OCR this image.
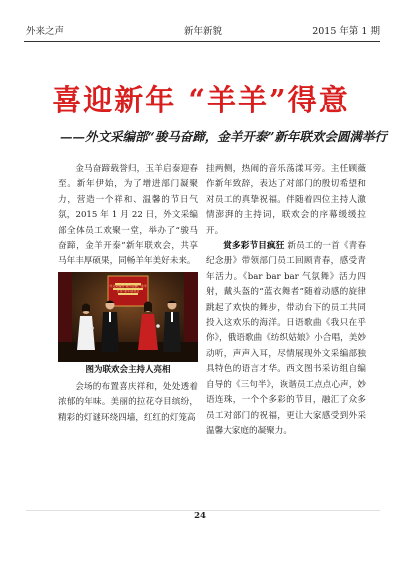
外来之声	新年新貌	2015 年第 1 期
喜迎新年 “羊羊”得意
——外文采编部“骏马奋蹄，金羊开泰”新年联欢会圆满举行

金马奋蹄载誉归，玉羊启泰迎春至。新年伊始，为了增进部门凝聚力，营造一个祥和、温馨的节日气氛，2015 年 1 月 22 日，外文采编部全体员工欢聚一堂，举办了“骏马奋蹄，金羊开泰”新年联欢会，共享马年丰厚硕果，同畅羊年美好未来。

外文采编部“骏马奋蹄，金羊开泰”新年联欢会
图为联欢会主持人亮相

会场的布置喜庆祥和，处处透着浓郁的年味。美丽的拉花夺目缤纷，精彩的灯谜环绕四墙，红红的灯笼高

挂两侧，热闹的音乐荡漾耳旁。主任顾薇作新年致辞，表达了对部门的殷切希望和对员工的真挚祝福。伴随着四位主持人激情澎湃的主持词，联欢会的序幕缓缓拉开。

赏多彩节目疯狂 新员工的一首《青春纪念册》带领部门员工回顾青春，感受青年活力。《bar bar bar 气氛舞》活力四射，戴头盔的“蓝衣舞者”随着动感的旋律跳起了欢快的舞步，带动台下的员工共同投入这欢乐的海洋。日语歌曲《我只在乎你》，俄语歌曲《纺织姑娘》小合唱，美妙动听，声声入耳，尽情展现外文采编部独具特色的语言才华。西文图书采访组自编自导的《三句半》，诙谐员工点点心声，妙语连珠，一个个多彩的节目，融汇了众多员工对部门的祝福，更让大家感受到外采温馨大家庭的凝聚力。

24
